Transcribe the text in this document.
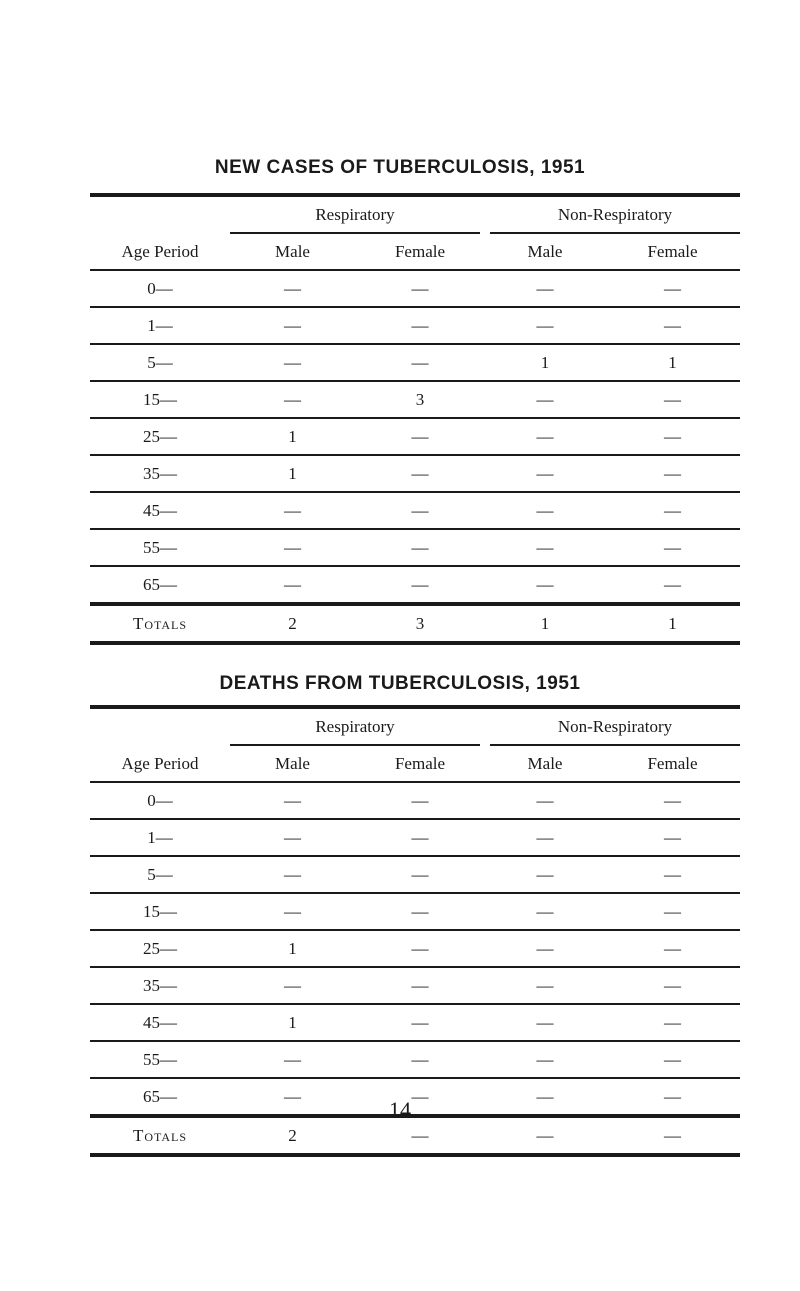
NEW CASES OF TUBERCULOSIS, 1951
Respiratory	Non-Respiratory
Age Period	Male	Female	Male	Female
0—	—	—	—	—
1—	—	—	—	—
5—	—	—	1	1
15—	—	3	—	—
25—	1	—	—	—
35—	1	—	—	—
45—	—	—	—	—
55—	—	—	—	—
65—	—	—	—	—
Totals	2	3	1	1
DEATHS FROM TUBERCULOSIS, 1951
Respiratory	Non-Respiratory
Age Period	Male	Female	Male	Female
0—	—	—	—	—
1—	—	—	—	—
5—	—	—	—	—
15—	—	—	—	—
25—	1	—	—	—
35—	—	—	—	—
45—	1	—	—	—
55—	—	—	—	—
65—	—	—	—	—
Totals	2	—	—	—
14
